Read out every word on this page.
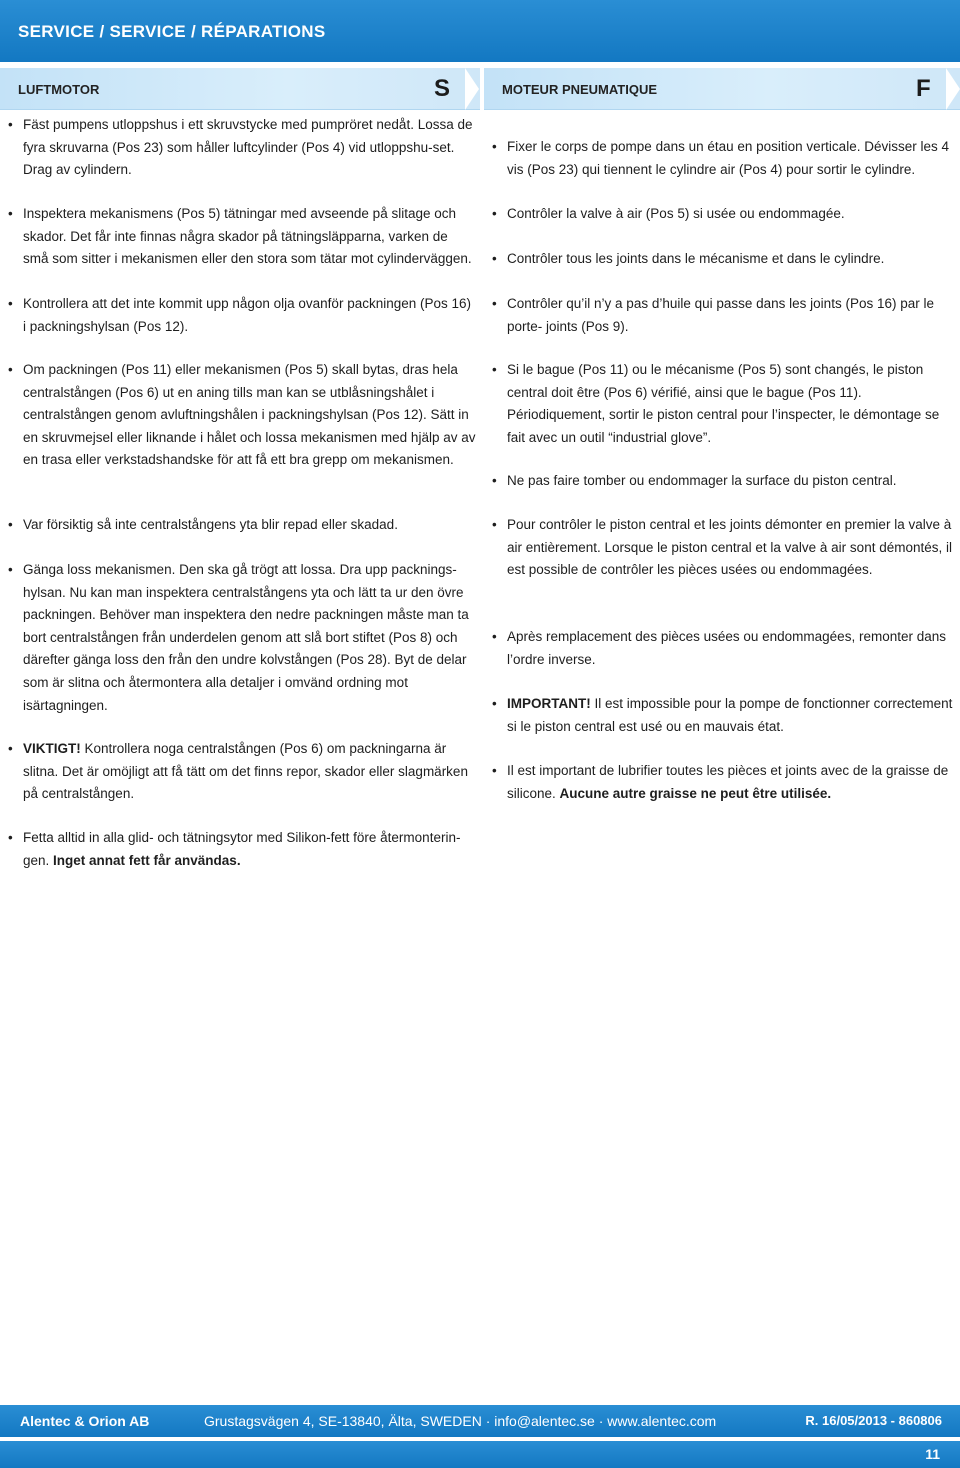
SERVICE / SERVICE / RÉPARATIONS
LUFTMOTOR	S	MOTEUR PNEUMATIQUE	F
• Fäst pumpens utloppshus i ett skruvstycke med pumpröret nedåt. Lossa de fyra skruvarna (Pos 23) som håller luftcylinder (Pos 4) vid utloppshu-set. Drag av cylindern.
• Inspektera mekanismens (Pos 5) tätningar med avseende på slitage och skador. Det får inte finnas några skador på tätningsläpparna, varken de små som sitter i mekanismen eller den stora som tätar mot cylinderväggen.
• Kontrollera att det inte kommit upp någon olja ovanför packningen (Pos 16) i packningshylsan (Pos 12).
• Om packningen (Pos 11) eller mekanismen (Pos 5) skall bytas, dras hela centralstången (Pos 6) ut en aning tills man kan se utblåsningshålet i centralstången genom avluftningshålen i packningshylsan (Pos 12). Sätt in en skruvmejsel eller liknande i hålet och lossa mekanismen med hjälp av av en trasa eller verkstadshandske för att få ett bra grepp om mekanismen.
• Var försiktig så inte centralstångens yta blir repad eller skadad.
• Gänga loss mekanismen. Den ska gå trögt att lossa. Dra upp packnings-hylsan. Nu kan man inspektera centralstångens yta och lätt ta ur den övre packningen. Behöver man inspektera den nedre packningen måste man ta bort centralstången från underdelen genom att slå bort stiftet (Pos 8) och därefter gänga loss den från den undre kolvstången (Pos 28). Byt de delar som är slitna och återmontera alla detaljer i omvänd ordning mot isärtagningen.
• VIKTIGT! Kontrollera noga centralstången (Pos 6) om packningarna är slitna. Det är omöjligt att få tätt om det finns repor, skador eller slagmärken på centralstången.
• Fetta alltid in alla glid- och tätningsytor med Silikon-fett före återmonterin-gen. Inget annat fett får användas.
• Fixer le corps de pompe dans un étau en position verticale. Dévisser les 4 vis (Pos 23) qui tiennent le cylindre air (Pos 4) pour sortir le cylindre.
• Contrôler la valve à air (Pos 5) si usée ou endommagée.
• Contrôler tous les joints dans le mécanisme et dans le cylindre.
• Contrôler qu’il n’y a pas d’huile qui passe dans les joints (Pos 16) par le porte- joints (Pos 9).
• Si le bague (Pos 11) ou le mécanisme (Pos 5) sont changés, le piston central doit être (Pos 6) vérifié, ainsi que le bague (Pos 11). Périodiquement, sortir le piston central pour l’inspecter, le démontage se fait avec un outil “industrial glove”.
• Ne pas faire tomber ou endommager la surface du piston central.
• Pour contrôler le piston central et les joints démonter en premier la valve à air entièrement. Lorsque le piston central et la valve à air sont démontés, il est possible de contrôler les pièces usées ou endommagées.
• Après remplacement des pièces usées ou endommagées, remonter dans l’ordre inverse.
• IMPORTANT! Il est impossible pour la pompe de fonctionner correctement si le piston central est usé ou en mauvais état.
• Il est important de lubrifier toutes les pièces et joints avec de la graisse de silicone. Aucune autre graisse ne peut être utilisée.
Alentec & Orion AB	Grustagsvägen 4, SE-13840, Älta, SWEDEN · info@alentec.se · www.alentec.com	R. 16/05/2013 - 860806
11
